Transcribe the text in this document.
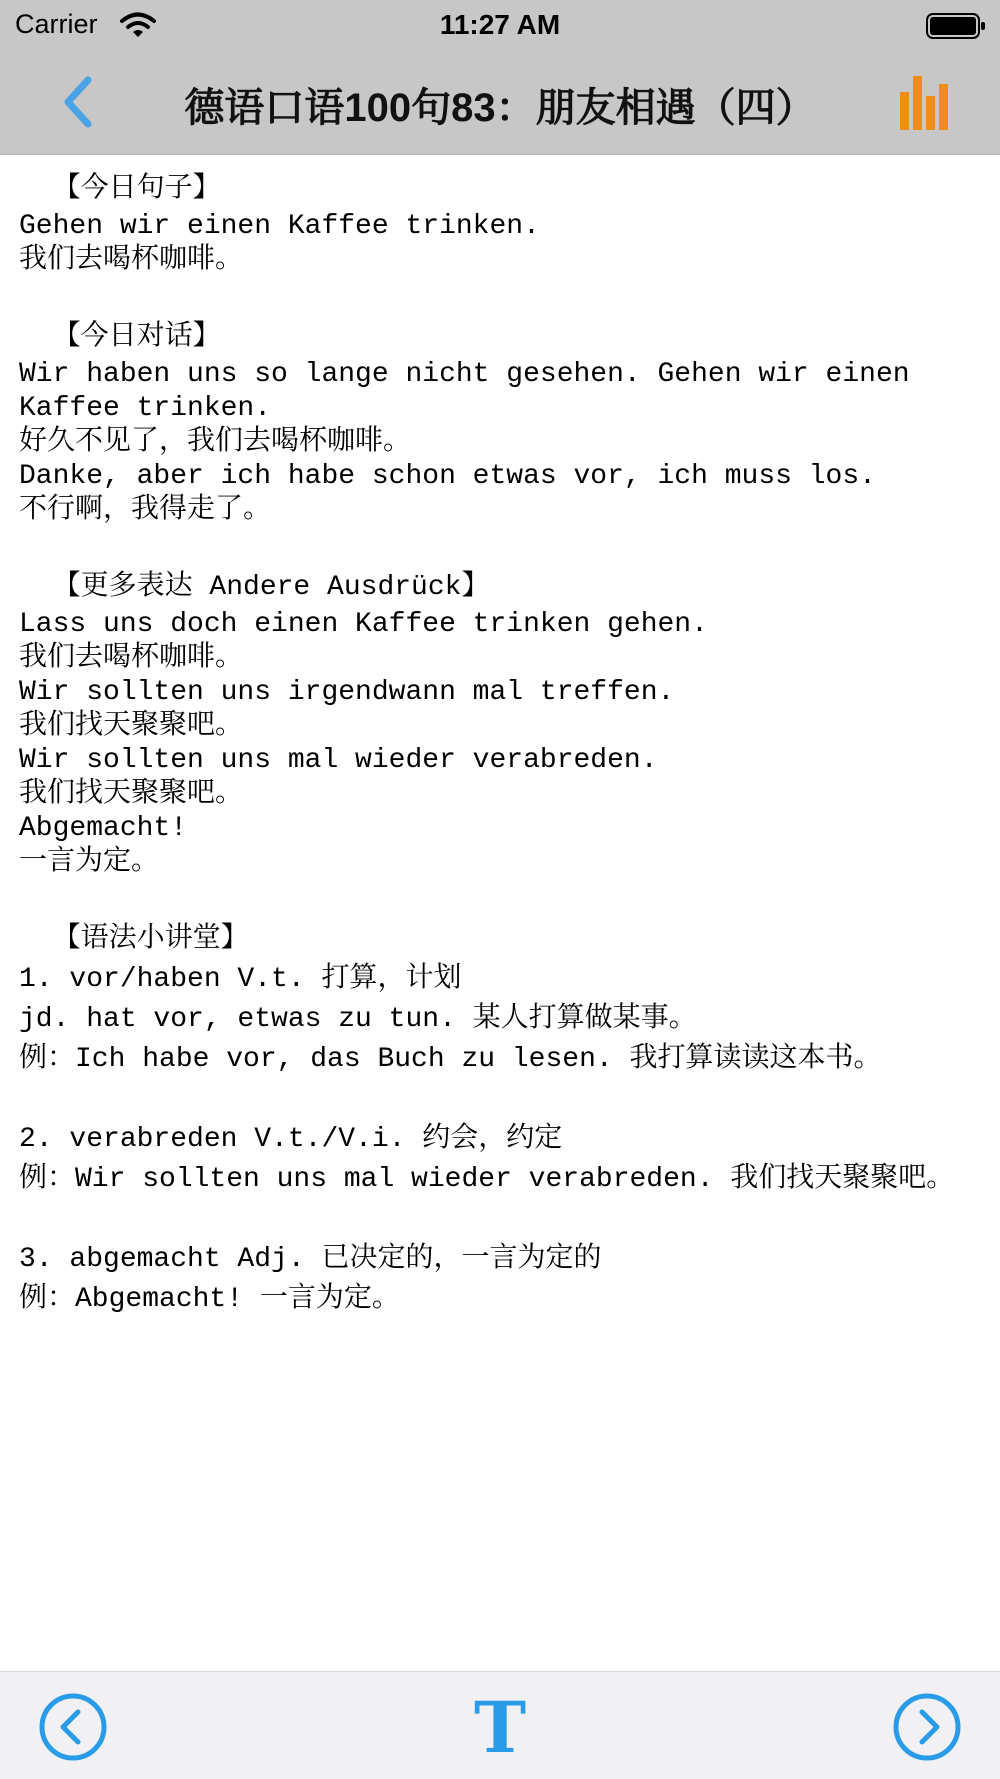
Carrier	11:27 AM
德语口语100句83：朋友相遇（四）
【今日句子】
Gehen wir einen Kaffee trinken.
我们去喝杯咖啡。
【今日对话】
Wir haben uns so lange nicht gesehen. Gehen wir einen Kaffee trinken.
好久不见了，我们去喝杯咖啡。
Danke, aber ich habe schon etwas vor, ich muss los.
不行啊，我得走了。
【更多表达 Andere Ausdrück】
Lass uns doch einen Kaffee trinken gehen.
我们去喝杯咖啡。
Wir sollten uns irgendwann mal treffen.
我们找天聚聚吧。
Wir sollten uns mal wieder verabreden.
我们找天聚聚吧。
Abgemacht!
一言为定。
【语法小讲堂】
1. vor/haben V.t. 打算，计划
jd. hat vor, etwas zu tun. 某人打算做某事。
例：Ich habe vor, das Buch zu lesen. 我打算读读这本书。
2. verabreden V.t./V.i. 约会，约定
例：Wir sollten uns mal wieder verabreden. 我们找天聚聚吧。
3. abgemacht Adj. 已决定的，一言为定的
例：Abgemacht! 一言为定。
T
